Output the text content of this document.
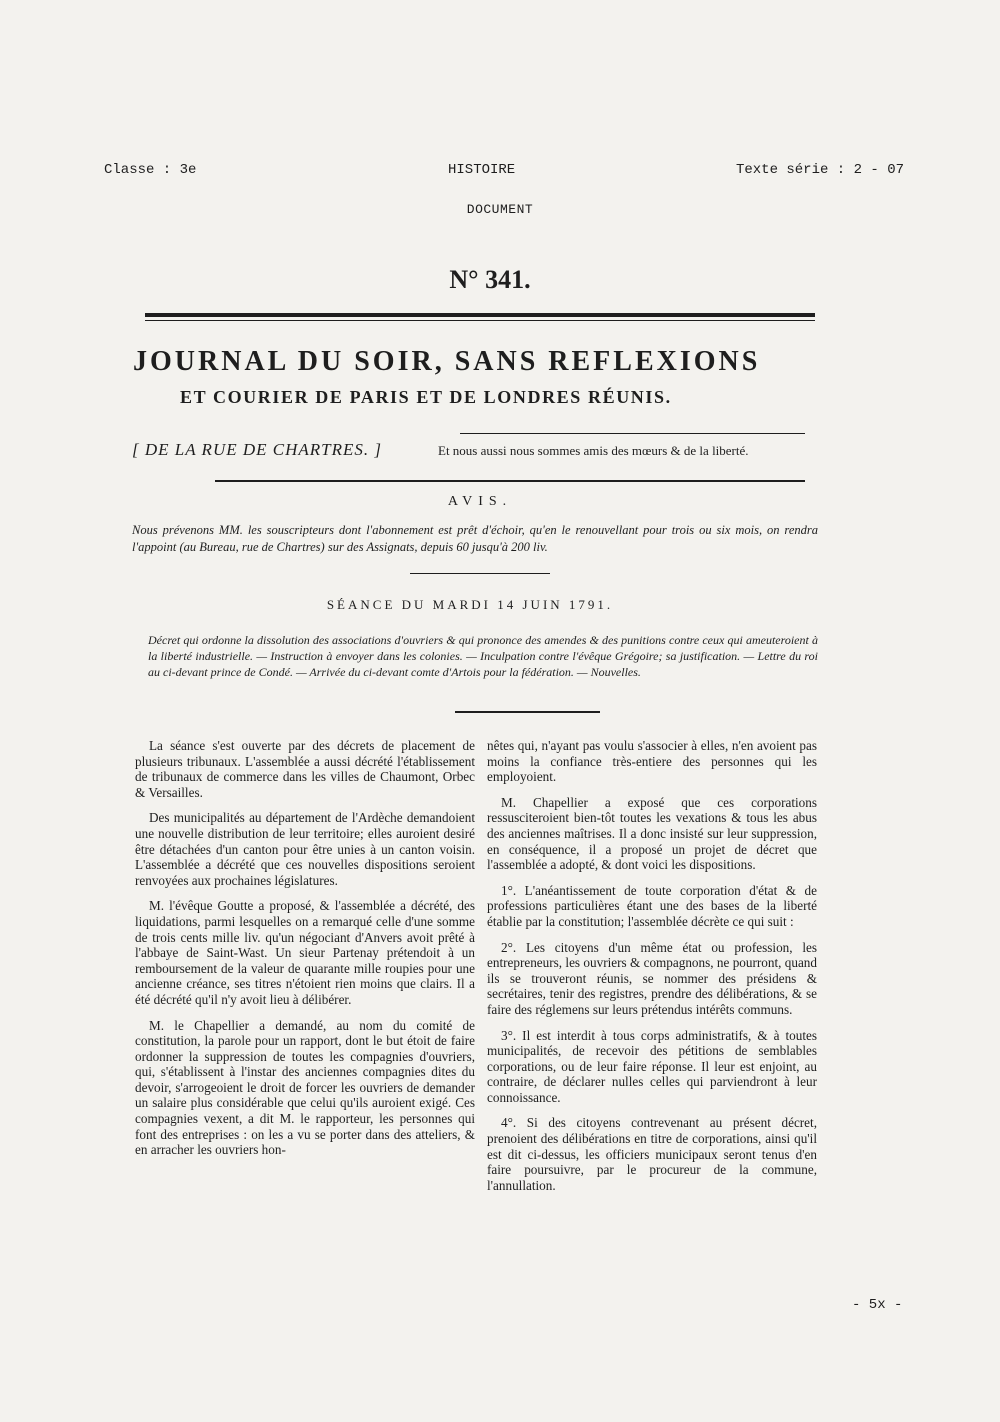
Classe : 3e	HISTOIRE	Texte série : 2 - 07
DOCUMENT
N° 341.
JOURNAL DU SOIR, SANS REFLEXIONS
ET COURIER DE PARIS ET DE LONDRES RÉUNIS.
[ DE LA RUE DE CHARTRES. ]	Et nous aussi nous sommes amis des mœurs & de la liberté.
AVIS.
Nous prévenons MM. les souscripteurs dont l'abonnement est prêt d'échoir, qu'en le renouvellant pour trois ou six mois, on rendra l'appoint (au Bureau, rue de Chartres) sur des Assignats, depuis 60 jusqu'à 200 liv.
SÉANCE DU MARDI 14 JUIN 1791.
Décret qui ordonne la dissolution des associations d'ouvriers & qui prononce des amendes & des punitions contre ceux qui ameuteroient à la liberté industrielle. — Instruction à envoyer dans les colonies. — Inculpation contre l'évêque Grégoire; sa justification. — Lettre du roi au ci-devant prince de Condé. — Arrivée du ci-devant comte d'Artois pour la fédération. — Nouvelles.

La séance s'est ouverte par des décrets de placement de plusieurs tribunaux. L'assemblée a aussi décrété l'établissement de tribunaux de commerce dans les villes de Chaumont, Orbec & Versailles.

Des municipalités au département de l'Ardèche demandoient une nouvelle distribution de leur territoire; elles auroient desiré être détachées d'un canton pour être unies à un canton voisin. L'assemblée a décrété que ces nouvelles dispositions seroient renvoyées aux prochaines législatures.

M. l'évêque Goutte a proposé, & l'assemblée a décrété, des liquidations, parmi lesquelles on a remarqué celle d'une somme de trois cents mille liv. qu'un négociant d'Anvers avoit prêté à l'abbaye de Saint-Wast. Un sieur Partenay prétendoit à un remboursement de la valeur de quarante mille roupies pour une ancienne créance, ses titres n'étoient rien moins que clairs. Il a été décrété qu'il n'y avoit lieu à délibérer.

M. le Chapellier a demandé, au nom du comité de constitution, la parole pour un rapport, dont le but étoit de faire ordonner la suppression de toutes les compagnies d'ouvriers, qui, s'établissent à l'instar des anciennes compagnies dites du devoir, s'arrogeoient le droit de forcer les ouvriers de demander un salaire plus considérable que celui qu'ils auroient exigé. Ces compagnies vexent, a dit M. le rapporteur, les personnes qui font des entreprises : on les a vu se porter dans des atteliers, & en arracher les ouvriers hon-

nêtes qui, n'ayant pas voulu s'associer à elles, n'en avoient pas moins la confiance très-entiere des personnes qui les employoient.

M. Chapellier a exposé que ces corporations ressusciteroient bien-tôt toutes les vexations & tous les abus des anciennes maîtrises. Il a donc insisté sur leur suppression, en conséquence, il a proposé un projet de décret que l'assemblée a adopté, & dont voici les dispositions.

1°. L'anéantissement de toute corporation d'état & de professions particulières étant une des bases de la liberté établie par la constitution; l'assemblée décrète ce qui suit :

2°. Les citoyens d'un même état ou profession, les entrepreneurs, les ouvriers & compagnons, ne pourront, quand ils se trouveront réunis, se nommer des présidens & secrétaires, tenir des registres, prendre des délibérations, & se faire des réglemens sur leurs prétendus intérêts communs.

3°. Il est interdit à tous corps administratifs, & à toutes municipalités, de recevoir des pétitions de semblables corporations, ou de leur faire réponse. Il leur est enjoint, au contraire, de déclarer nulles celles qui parviendront à leur connoissance.

4°. Si des citoyens contrevenant au présent décret, prenoient des délibérations en titre de corporations, ainsi qu'il est dit ci-dessus, les officiers municipaux seront tenus d'en faire poursuivre, par le procureur de la commune, l'annullation.

- 5x -
